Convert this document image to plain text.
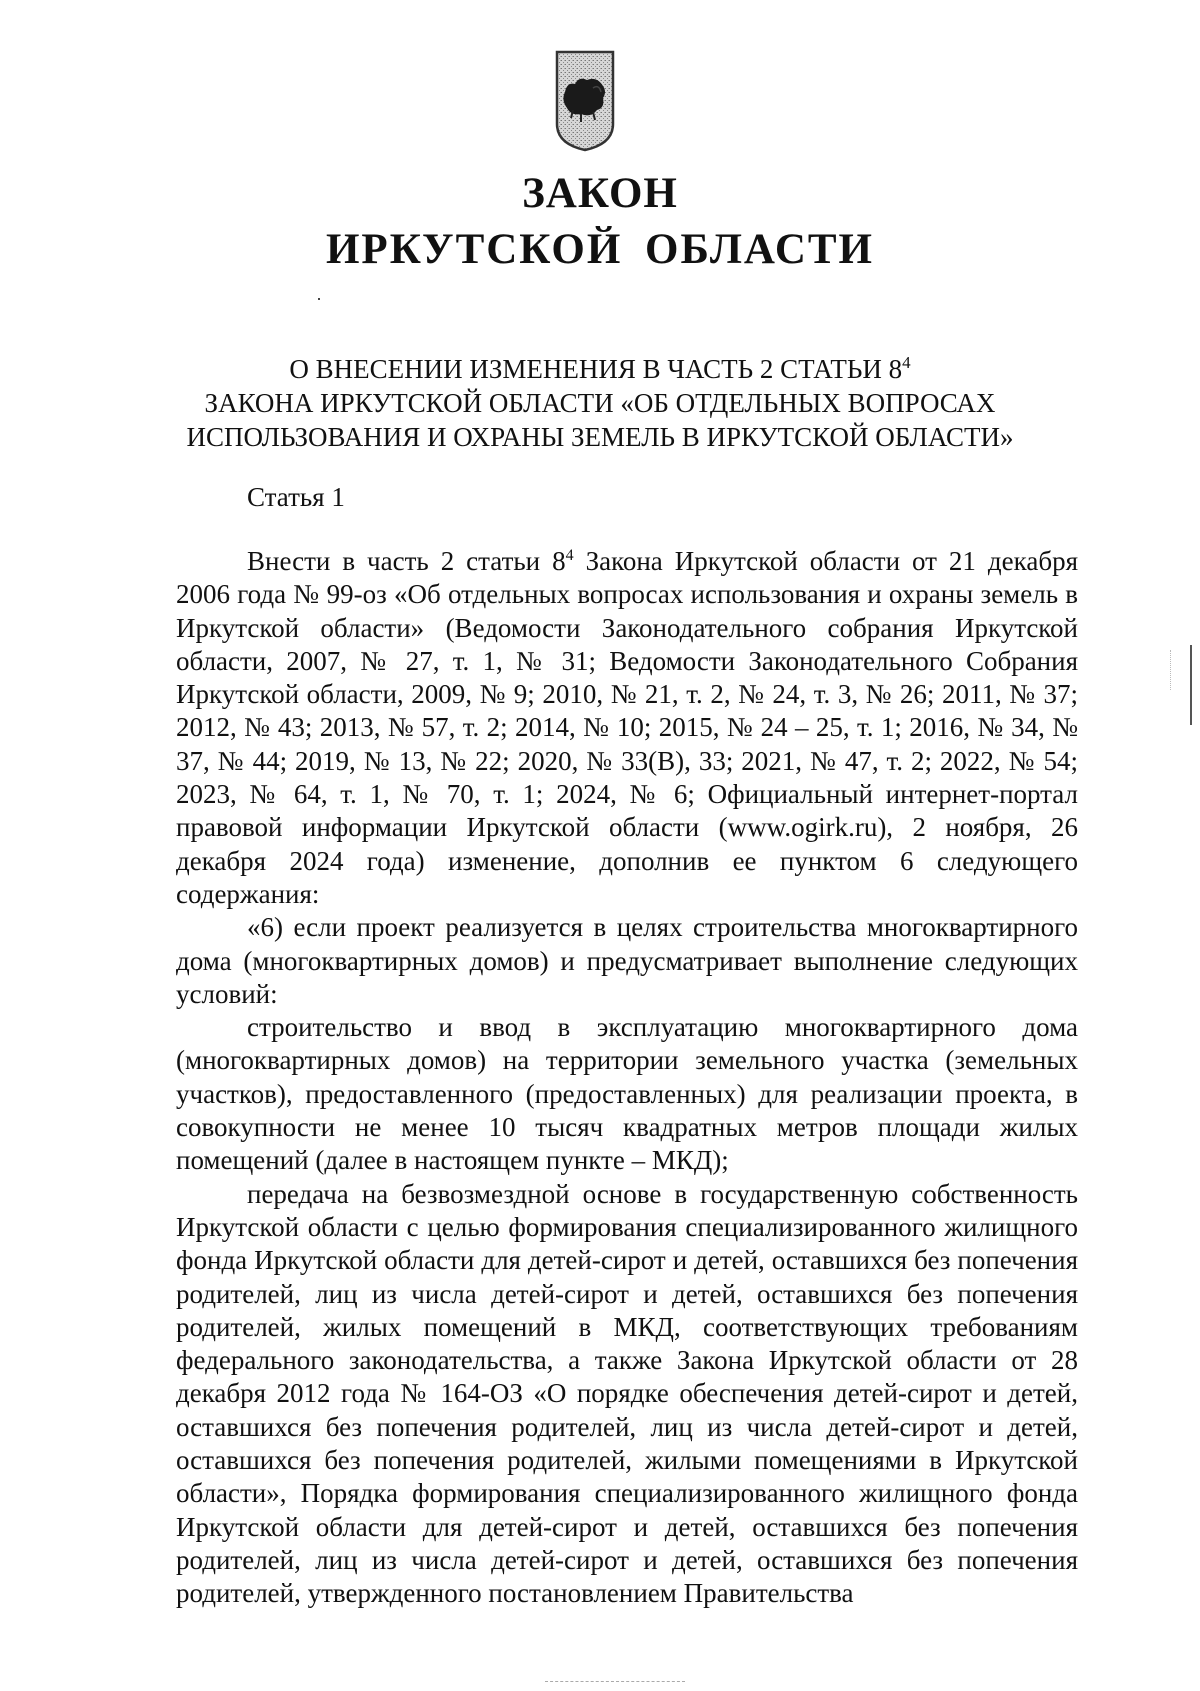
ЗАКОН
ИРКУТСКОЙ ОБЛАСТИ
О ВНЕСЕНИИ ИЗМЕНЕНИЯ В ЧАСТЬ 2 СТАТЬИ $8^4$
ЗАКОНА ИРКУТСКОЙ ОБЛАСТИ «ОБ ОТДЕЛЬНЫХ ВОПРОСАХ
ИСПОЛЬЗОВАНИЯ И ОХРАНЫ ЗЕМЕЛЬ В ИРКУТСКОЙ ОБЛАСТИ»
Статья 1

Внести в часть 2 статьи $8^4$ Закона Иркутской области от 21 декабря 2006 года № 99-оз «Об отдельных вопросах использования и охраны земель в Иркутской области» (Ведомости Законодательного собрания Иркутской области, 2007, № 27, т. 1, № 31; Ведомости Законодательного Собрания Иркутской области, 2009, № 9; 2010, № 21, т. 2, № 24, т. 3, № 26; 2011, № 37; 2012, № 43; 2013, № 57, т. 2; 2014, № 10; 2015, № 24 – 25, т. 1; 2016, № 34, № 37, № 44; 2019, № 13, № 22; 2020, № 33(В), 33; 2021, № 47, т. 2; 2022, № 54; 2023, № 64, т. 1, № 70, т. 1; 2024, № 6; Официальный интернет-портал правовой информации Иркутской области (www.ogirk.ru), 2 ноября, 26 декабря 2024 года) изменение, дополнив ее пунктом 6 следующего содержания:

«6) если проект реализуется в целях строительства многоквартирного дома (многоквартирных домов) и предусматривает выполнение следующих условий:

строительство и ввод в эксплуатацию многоквартирного дома (многоквартирных домов) на территории земельного участка (земельных участков), предоставленного (предоставленных) для реализации проекта, в совокупности не менее 10 тысяч квадратных метров площади жилых помещений (далее в настоящем пункте – МКД);

передача на безвозмездной основе в государственную собственность Иркутской области с целью формирования специализированного жилищного фонда Иркутской области для детей-сирот и детей, оставшихся без попечения родителей, лиц из числа детей-сирот и детей, оставшихся без попечения родителей, жилых помещений в МКД, соответствующих требованиям федерального законодательства, а также Закона Иркутской области от 28 декабря 2012 года № 164-ОЗ «О порядке обеспечения детей-сирот и детей, оставшихся без попечения родителей, лиц из числа детей-сирот и детей, оставшихся без попечения родителей, жилыми помещениями в Иркутской области», Порядка формирования специализированного жилищного фонда Иркутской области для детей-сирот и детей, оставшихся без попечения родителей, лиц из числа детей-сирот и детей, оставшихся без попечения родителей, утвержденного постановлением Правительства
